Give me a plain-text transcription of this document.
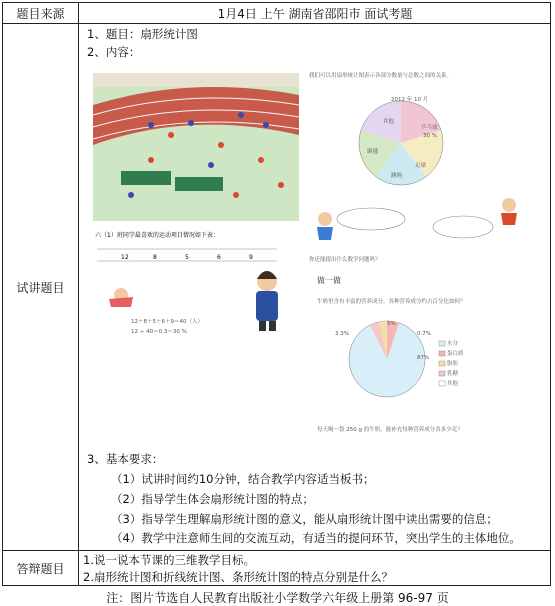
题目来源	1月4日 上午 湖南省邵阳市 面试考题
试讲题目
1、题目：扇形统计图
2、内容：
六（1）班同学最喜欢的运动项目情况如下表：
12	8	5	6	9
我们可以用扇形统计图表示各部分数量与总数之间的关系。
2012 年 10 月
乒乓球
30 %
足球
跳绳
踢毽
其他
你还能提出什么数学问题吗？
做一做
牛奶里含有丰富的营养成分，各种营养成分约占百分比如何？
3.3%
5%
0.7%
87%
水分
蛋白质
脂肪
乳糖
其他
每天喝一袋 250 g 的牛奶，能补充每种营养成分各多少克？
12＋8＋5＋6＋9＝40（人）
12 ÷ 40＝0.3＝30 %
3、基本要求：
（1）试讲时间约10分钟，结合教学内容适当板书；
（2）指导学生体会扇形统计图的特点；
（3）指导学生理解扇形统计图的意义，能从扇形统计图中读出需要的信息；
（4）教学中注意师生间的交流互动，有适当的提问环节，突出学生的主体地位。
答辩题目
1.说一说本节课的三维教学目标。
2.扇形统计图和折线统计图、条形统计图的特点分别是什么？
注：图片节选自人民教育出版社小学数学六年级上册第 96-97 页
